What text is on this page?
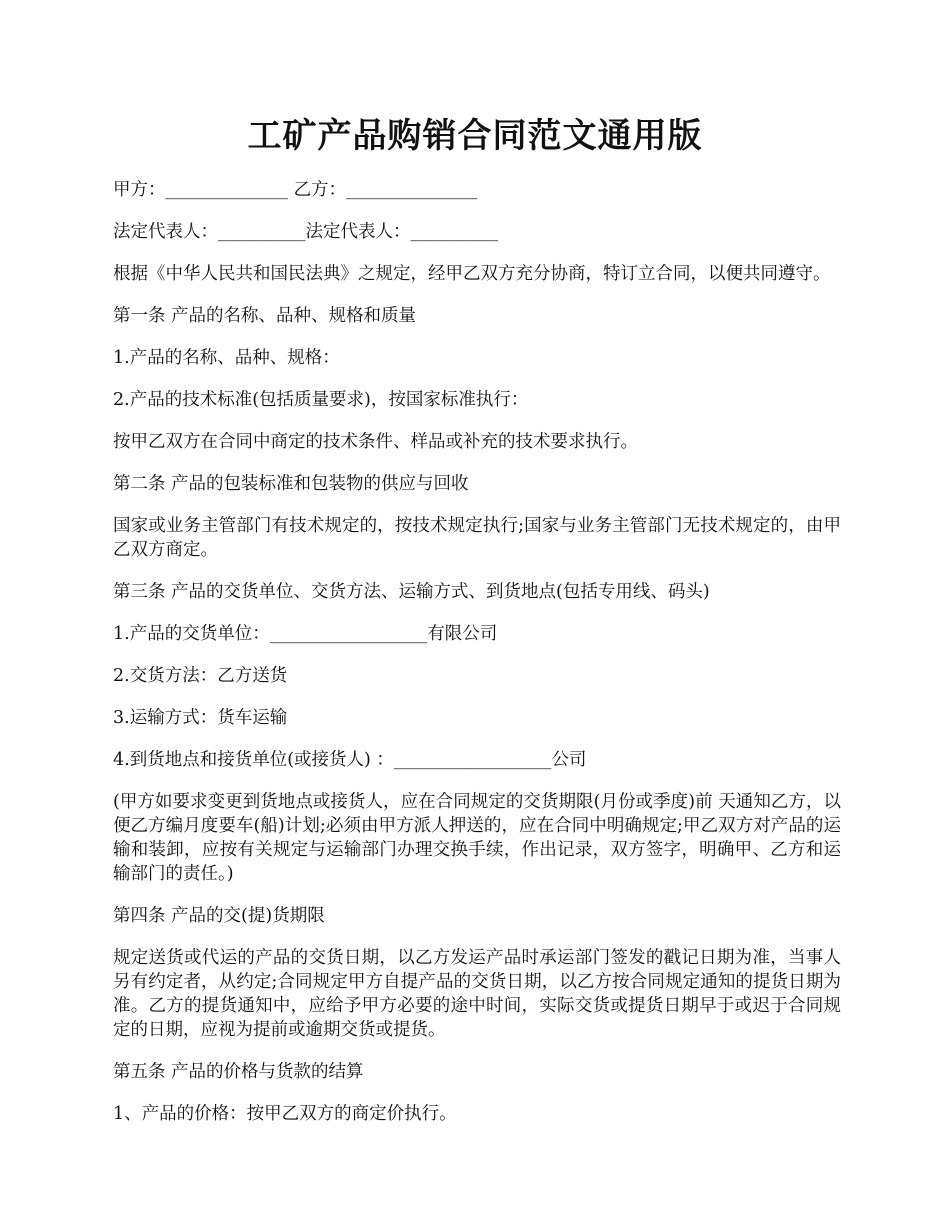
工矿产品购销合同范文通用版

甲方：______________ 乙方：_______________

法定代表人：__________法定代表人：__________

根据《中华人民共和国民法典》之规定，经甲乙双方充分协商，特订立合同，以便共同遵守。

第一条 产品的名称、品种、规格和质量

1.产品的名称、品种、规格：

2.产品的技术标准(包括质量要求)，按国家标准执行：

按甲乙双方在合同中商定的技术条件、样品或补充的技术要求执行。

第二条 产品的包装标准和包装物的供应与回收

国家或业务主管部门有技术规定的，按技术规定执行;国家与业务主管部门无技术规定的，由甲乙双方商定。

第三条 产品的交货单位、交货方法、运输方式、到货地点(包括专用线、码头)

1.产品的交货单位：__________________有限公司

2.交货方法：乙方送货

3.运输方式：货车运输

4.到货地点和接货单位(或接货人) ：__________________公司

(甲方如要求变更到货地点或接货人，应在合同规定的交货期限(月份或季度)前 天通知乙方，以便乙方编月度要车(船)计划;必须由甲方派人押送的，应在合同中明确规定;甲乙双方对产品的运输和装卸，应按有关规定与运输部门办理交换手续，作出记录，双方签字，明确甲、乙方和运输部门的责任。)

第四条 产品的交(提)货期限

规定送货或代运的产品的交货日期，以乙方发运产品时承运部门签发的戳记日期为准，当事人另有约定者，从约定;合同规定甲方自提产品的交货日期，以乙方按合同规定通知的提货日期为准。乙方的提货通知中，应给予甲方必要的途中时间，实际交货或提货日期早于或迟于合同规定的日期，应视为提前或逾期交货或提货。

第五条 产品的价格与货款的结算

1、产品的价格：按甲乙双方的商定价执行。
